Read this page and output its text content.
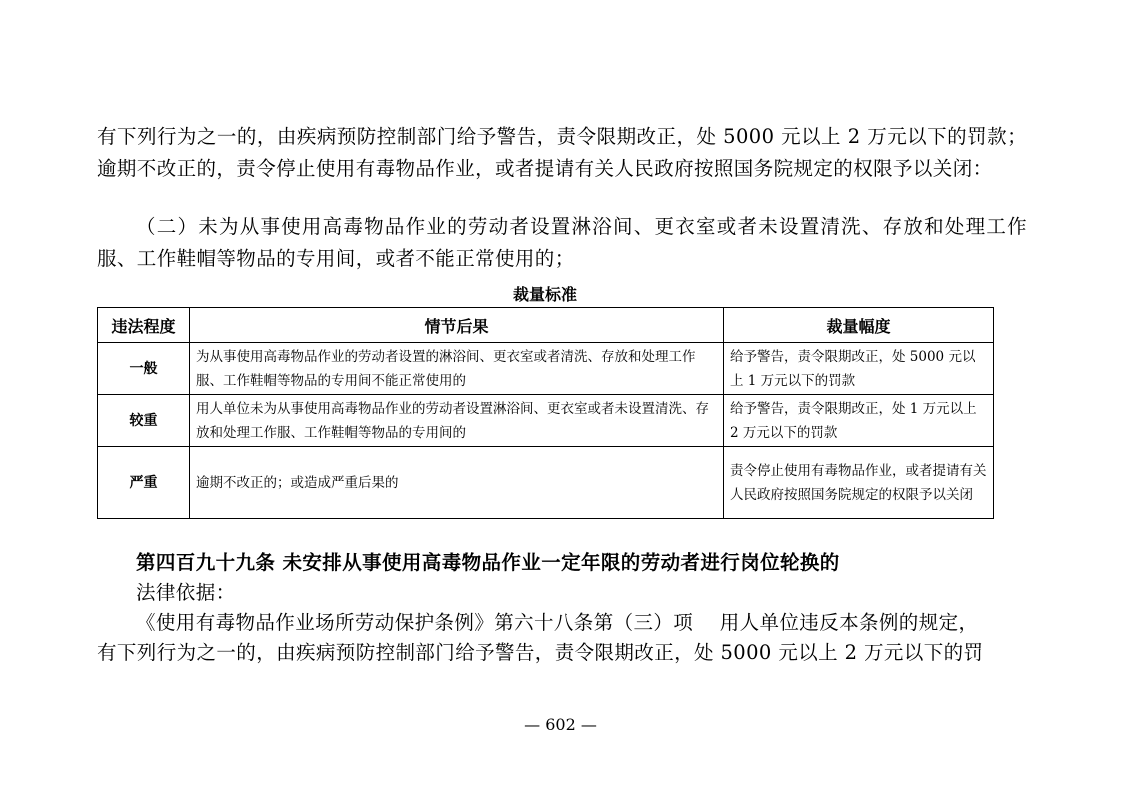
有下列行为之一的，由疾病预防控制部门给予警告，责令限期改正，处 5000 元以上 2 万元以下的罚款；逾期不改正的，责令停止使用有毒物品作业，或者提请有关人民政府按照国务院规定的权限予以关闭：

（二）未为从事使用高毒物品作业的劳动者设置淋浴间、更衣室或者未设置清洗、存放和处理工作服、工作鞋帽等物品的专用间，或者不能正常使用的；

裁量标准
违法程度	情节后果	裁量幅度
一般	为从事使用高毒物品作业的劳动者设置的淋浴间、更衣室或者清洗、存放和处理工作服、工作鞋帽等物品的专用间不能正常使用的	给予警告，责令限期改正，处 5000 元以上 1 万元以下的罚款
较重	用人单位未为从事使用高毒物品作业的劳动者设置淋浴间、更衣室或者未设置清洗、存放和处理工作服、工作鞋帽等物品的专用间的	给予警告，责令限期改正，处 1 万元以上 2 万元以下的罚款
严重	逾期不改正的；或造成严重后果的	责令停止使用有毒物品作业，或者提请有关人民政府按照国务院规定的权限予以关闭

第四百九十九条 未安排从事使用高毒物品作业一定年限的劳动者进行岗位轮换的

法律依据：

《使用有毒物品作业场所劳动保护条例》第六十八条第（三）项　 用人单位违反本条例的规定，

有下列行为之一的，由疾病预防控制部门给予警告，责令限期改正，处 5000 元以上 2 万元以下的罚

— 602 —
